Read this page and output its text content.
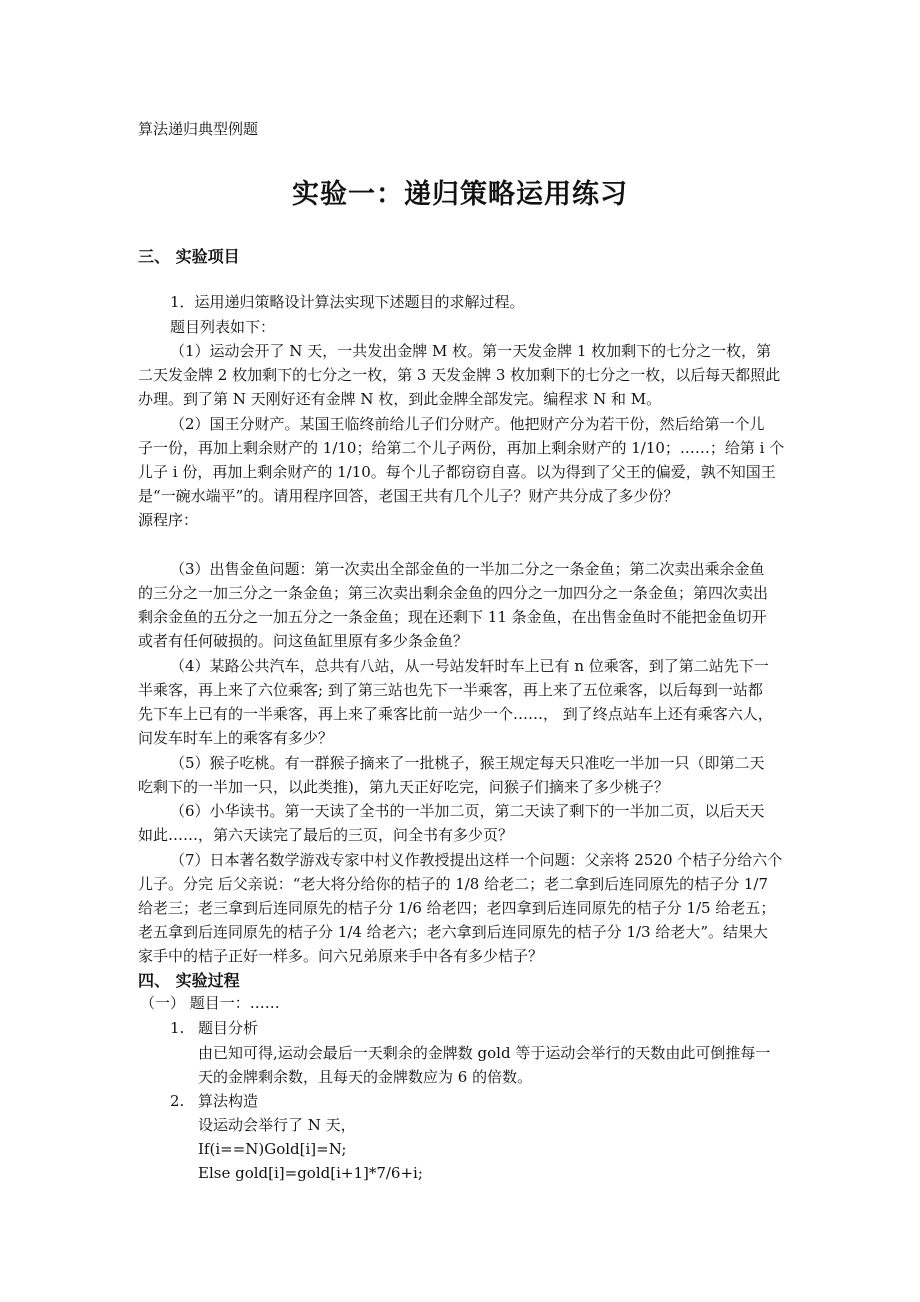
算法递归典型例题
实验一：递归策略运用练习
三、 实验项目
1．运用递归策略设计算法实现下述题目的求解过程。
题目列表如下：
（1）运动会开了 N 天，一共发出金牌 M 枚。第一天发金牌 1 枚加剩下的七分之一枚，第
二天发金牌 2 枚加剩下的七分之一枚，第 3 天发金牌 3 枚加剩下的七分之一枚，以后每天都照此
办理。到了第 N 天刚好还有金牌 N 枚，到此金牌全部发完。编程求 N 和 M。
（2）国王分财产。某国王临终前给儿子们分财产。他把财产分为若干份，然后给第一个儿
子一份，再加上剩余财产的 1/10；给第二个儿子两份，再加上剩余财产的 1/10；……；给第 i 个
儿子 i 份，再加上剩余财产的 1/10。每个儿子都窃窃自喜。以为得到了父王的偏爱，孰不知国王
是“一碗水端平”的。请用程序回答，老国王共有几个儿子？财产共分成了多少份？
源程序：
（3）出售金鱼问题：第一次卖出全部金鱼的一半加二分之一条金鱼；第二次卖出乘余金鱼
的三分之一加三分之一条金鱼；第三次卖出剩余金鱼的四分之一加四分之一条金鱼；第四次卖出
剩余金鱼的五分之一加五分之一条金鱼；现在还剩下 11 条金鱼，在出售金鱼时不能把金鱼切开
或者有任何破损的。问这鱼缸里原有多少条金鱼？
（4）某路公共汽车，总共有八站，从一号站发轩时车上已有 n 位乘客，到了第二站先下一
半乘客，再上来了六位乘客; 到了第三站也先下一半乘客，再上来了五位乘客，以后每到一站都
先下车上已有的一半乘客，再上来了乘客比前一站少一个……， 到了终点站车上还有乘客六人，
问发车时车上的乘客有多少？
（5）猴子吃桃。有一群猴子摘来了一批桃子，猴王规定每天只准吃一半加一只（即第二天
吃剩下的一半加一只，以此类推)，第九天正好吃完，问猴子们摘来了多少桃子？
（6）小华读书。第一天读了全书的一半加二页，第二天读了剩下的一半加二页，以后天天
如此……，第六天读完了最后的三页，问全书有多少页？
（7）日本著名数学游戏专家中村义作教授提出这样一个问题：父亲将 2520 个桔子分给六个
儿子。分完 后父亲说：“老大将分给你的桔子的 1/8 给老二；老二拿到后连同原先的桔子分 1/7
给老三；老三拿到后连同原先的桔子分 1/6 给老四；老四拿到后连同原先的桔子分 1/5 给老五；
老五拿到后连同原先的桔子分 1/4 给老六；老六拿到后连同原先的桔子分 1/3 给老大”。结果大
家手中的桔子正好一样多。问六兄弟原来手中各有多少桔子？
四、 实验过程
（一） 题目一：……
1. 题目分析
由已知可得,运动会最后一天剩余的金牌数 gold 等于运动会举行的天数由此可倒推每一
天的金牌剩余数，且每天的金牌数应为 6 的倍数。
2. 算法构造
设运动会举行了 N 天，
If(i==N)Gold[i]=N;
Else gold[i]=gold[i+1]*7/6+i;
